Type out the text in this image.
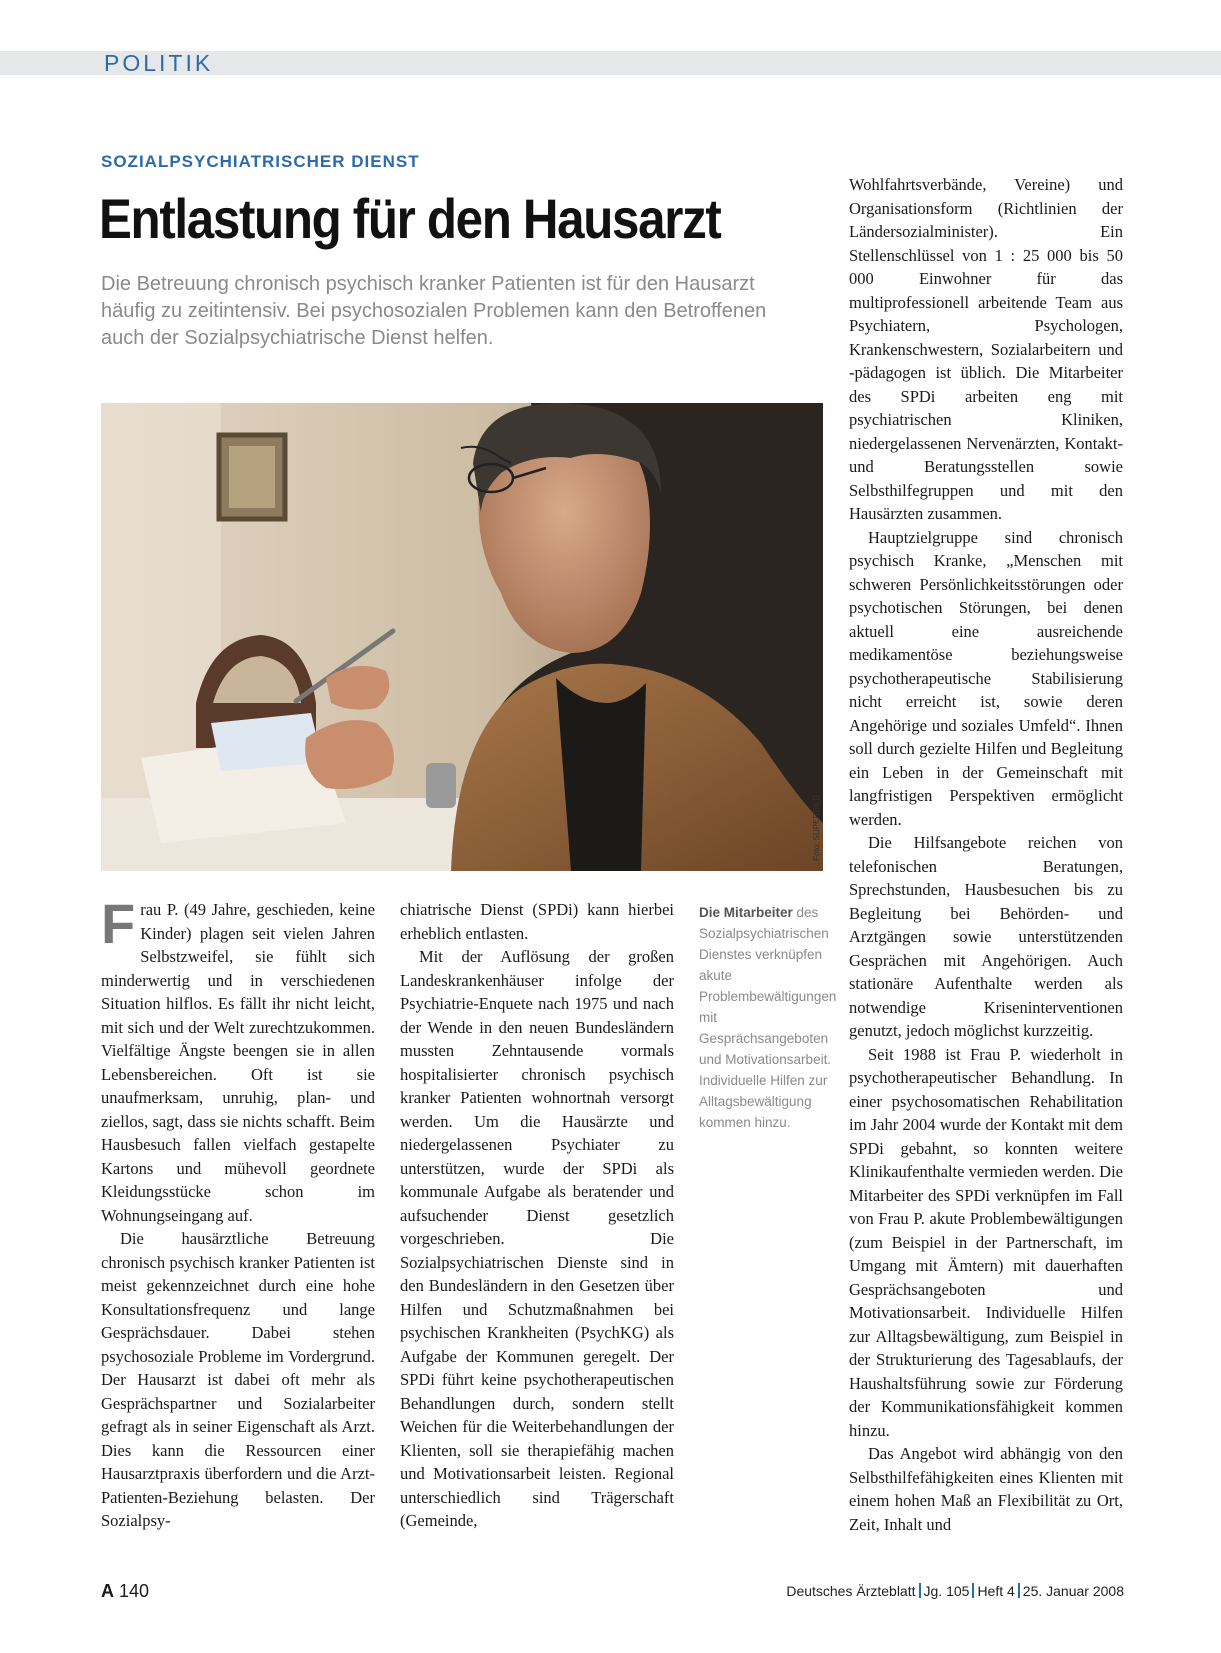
POLITIK
SOZIALPSYCHIATRISCHER DIENST
Entlastung für den Hausarzt
Die Betreuung chronisch psychisch kranker Patienten ist für den Hausarzt häufig zu zeitintensiv. Bei psychosozialen Problemen kann den Betroffenen auch der Sozialpsychiatrische Dienst helfen.
Foto: SUPERBILD

Frau P. (49 Jahre, geschieden, keine Kinder) plagen seit vielen Jahren Selbstzweifel, sie fühlt sich minderwertig und in verschiedenen Situation hilflos. Es fällt ihr nicht leicht, mit sich und der Welt zurechtzukommen. Vielfältige Ängste beengen sie in allen Lebensbereichen. Oft ist sie unaufmerksam, unruhig, plan- und ziellos, sagt, dass sie nichts schafft. Beim Hausbesuch fallen vielfach gestapelte Kartons und mühevoll geordnete Kleidungsstücke schon im Wohnungseingang auf.

Die hausärztliche Betreuung chronisch psychisch kranker Patienten ist meist gekennzeichnet durch eine hohe Konsultationsfrequenz und lange Gesprächsdauer. Dabei stehen psychosoziale Probleme im Vordergrund. Der Hausarzt ist dabei oft mehr als Gesprächspartner und Sozialarbeiter gefragt als in seiner Eigenschaft als Arzt. Dies kann die Ressourcen einer Hausarztpraxis überfordern und die Arzt-Patienten-Beziehung belasten. Der Sozialpsy-

chiatrische Dienst (SPDi) kann hierbei erheblich entlasten.

Mit der Auflösung der großen Landeskrankenhäuser infolge der Psychiatrie-Enquete nach 1975 und nach der Wende in den neuen Bundesländern mussten Zehntausende vormals hospitalisierter chronisch psychisch kranker Patienten wohnortnah versorgt werden. Um die Hausärzte und niedergelassenen Psychiater zu unterstützen, wurde der SPDi als kommunale Aufgabe als beratender und aufsuchender Dienst gesetzlich vorgeschrieben. Die Sozialpsychiatrischen Dienste sind in den Bundesländern in den Gesetzen über Hilfen und Schutzmaßnahmen bei psychischen Krankheiten (PsychKG) als Aufgabe der Kommunen geregelt. Der SPDi führt keine psychotherapeutischen Behandlungen durch, sondern stellt Weichen für die Weiterbehandlungen der Klienten, soll sie therapiefähig machen und Motivationsarbeit leisten. Regional unterschiedlich sind Trägerschaft (Gemeinde,

Die Mitarbeiter des Sozialpsychiatrischen Dienstes verknüpfen akute Problembewältigungen mit Gesprächsangeboten und Motivationsarbeit. Individuelle Hilfen zur Alltagsbewältigung kommen hinzu.

Wohlfahrtsverbände, Vereine) und Organisationsform (Richtlinien der Ländersozialminister). Ein Stellenschlüssel von 1 : 25 000 bis 50 000 Einwohner für das multiprofessionell arbeitende Team aus Psychiatern, Psychologen, Krankenschwestern, Sozialarbeitern und -pädagogen ist üblich. Die Mitarbeiter des SPDi arbeiten eng mit psychiatrischen Kliniken, niedergelassenen Nervenärzten, Kontakt- und Beratungsstellen sowie Selbsthilfegruppen und mit den Hausärzten zusammen.

Hauptzielgruppe sind chronisch psychisch Kranke, „Menschen mit schweren Persönlichkeitsstörungen oder psychotischen Störungen, bei denen aktuell eine ausreichende medikamentöse beziehungsweise psychotherapeutische Stabilisierung nicht erreicht ist, sowie deren Angehörige und soziales Umfeld“. Ihnen soll durch gezielte Hilfen und Begleitung ein Leben in der Gemeinschaft mit langfristigen Perspektiven ermöglicht werden.

Die Hilfsangebote reichen von telefonischen Beratungen, Sprechstunden, Hausbesuchen bis zu Begleitung bei Behörden- und Arztgängen sowie unterstützenden Gesprächen mit Angehörigen. Auch stationäre Aufenthalte werden als notwendige Kriseninterventionen genutzt, jedoch möglichst kurzzeitig.

Seit 1988 ist Frau P. wiederholt in psychotherapeutischer Behandlung. In einer psychosomatischen Rehabilitation im Jahr 2004 wurde der Kontakt mit dem SPDi gebahnt, so konnten weitere Klinikaufenthalte vermieden werden. Die Mitarbeiter des SPDi verknüpfen im Fall von Frau P. akute Problembewältigungen (zum Beispiel in der Partnerschaft, im Umgang mit Ämtern) mit dauerhaften Gesprächsangeboten und Motivationsarbeit. Individuelle Hilfen zur Alltagsbewältigung, zum Beispiel in der Strukturierung des Tagesablaufs, der Haushaltsführung sowie zur Förderung der Kommunikationsfähigkeit kommen hinzu.

Das Angebot wird abhängig von den Selbsthilfefähigkeiten eines Klienten mit einem hohen Maß an Flexibilität zu Ort, Zeit, Inhalt und

A 140	Deutsches Ärzteblatt Jg. 105 Heft 4 25. Januar 2008
